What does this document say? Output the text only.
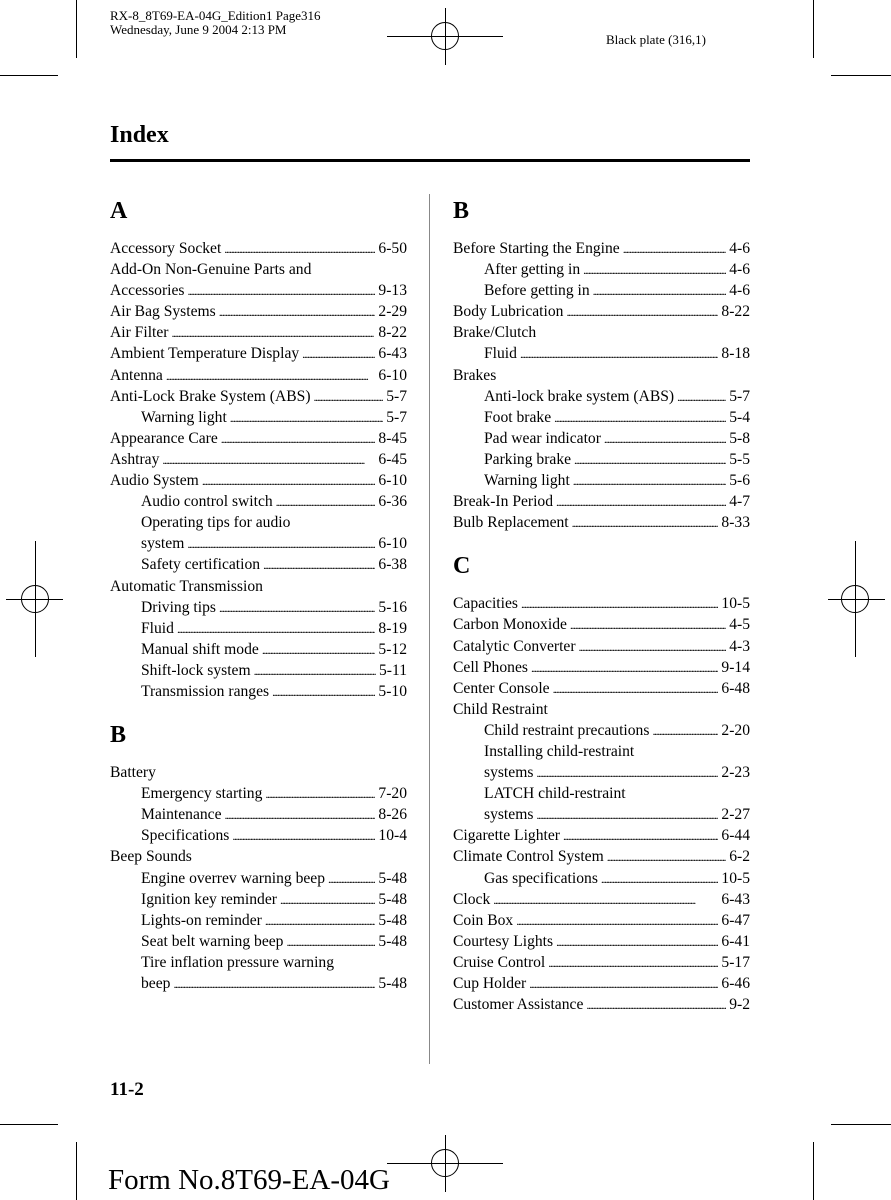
RX-8_8T69-EA-04G_Edition1 Page316
Wednesday, June 9 2004 2:13 PM
Black plate (316,1)
Index
A
Accessory Socket . . .	6-50
Add-On Non-Genuine Parts and
Accessories . . .	9-13
Air Bag Systems . . .	2-29
Air Filter . . .	8-22
Ambient Temperature Display . . .	6-43
Antenna . . .	6-10
Anti-Lock Brake System (ABS) . . .	5-7
Warning light . . .	5-7
Appearance Care . . .	8-45
Ashtray . . .	6-45
Audio System . . .	6-10
Audio control switch . . .	6-36
Operating tips for audio
system . . .	6-10
Safety certification . . .	6-38
Automatic Transmission
Driving tips . . .	5-16
Fluid . . .	8-19
Manual shift mode . . .	5-12
Shift-lock system . . .	5-11
Transmission ranges . . .	5-10
B
Battery
Emergency starting . . .	7-20
Maintenance . . .	8-26
Specifications . . .	10-4
Beep Sounds
Engine overrev warning beep . . .	5-48
Ignition key reminder . . .	5-48
Lights-on reminder . . .	5-48
Seat belt warning beep . . .	5-48
Tire inflation pressure warning
beep . . .	5-48
B
Before Starting the Engine . . .	4-6
After getting in . . .	4-6
Before getting in . . .	4-6
Body Lubrication . . .	8-22
Brake/Clutch
Fluid . . .	8-18
Brakes
Anti-lock brake system (ABS) . . .	5-7
Foot brake . . .	5-4
Pad wear indicator . . .	5-8
Parking brake . . .	5-5
Warning light . . .	5-6
Break-In Period . . .	4-7
Bulb Replacement . . .	8-33
C
Capacities . . .	10-5
Carbon Monoxide . . .	4-5
Catalytic Converter . . .	4-3
Cell Phones . . .	9-14
Center Console . . .	6-48
Child Restraint
Child restraint precautions . . .	2-20
Installing child-restraint
systems . . .	2-23
LATCH child-restraint
systems . . .	2-27
Cigarette Lighter . . .	6-44
Climate Control System . . .	6-2
Gas specifications . . .	10-5
Clock . . .	6-43
Coin Box . . .	6-47
Courtesy Lights . . .	6-41
Cruise Control . . .	5-17
Cup Holder . . .	6-46
Customer Assistance . . .	9-2
11-2
Form No.8T69-EA-04G
